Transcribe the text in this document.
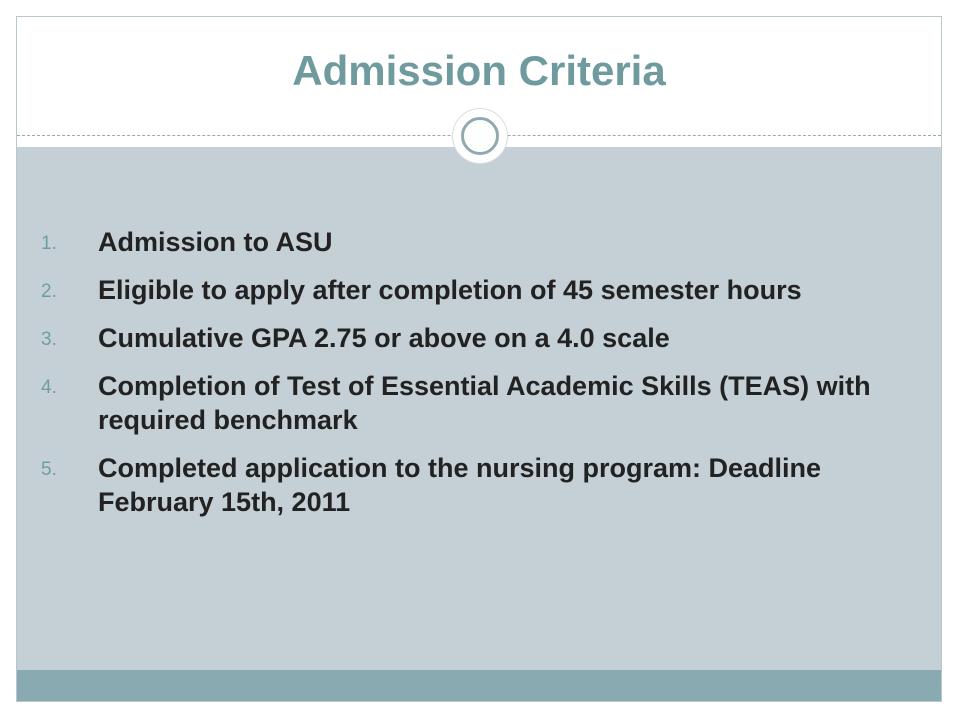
Admission Criteria
1. Admission to ASU
2. Eligible to apply after completion of 45 semester hours
3. Cumulative GPA 2.75 or above on a 4.0 scale
4. Completion of Test of Essential Academic Skills (TEAS) with required benchmark
5. Completed application to the nursing program: Deadline February 15th, 2011
